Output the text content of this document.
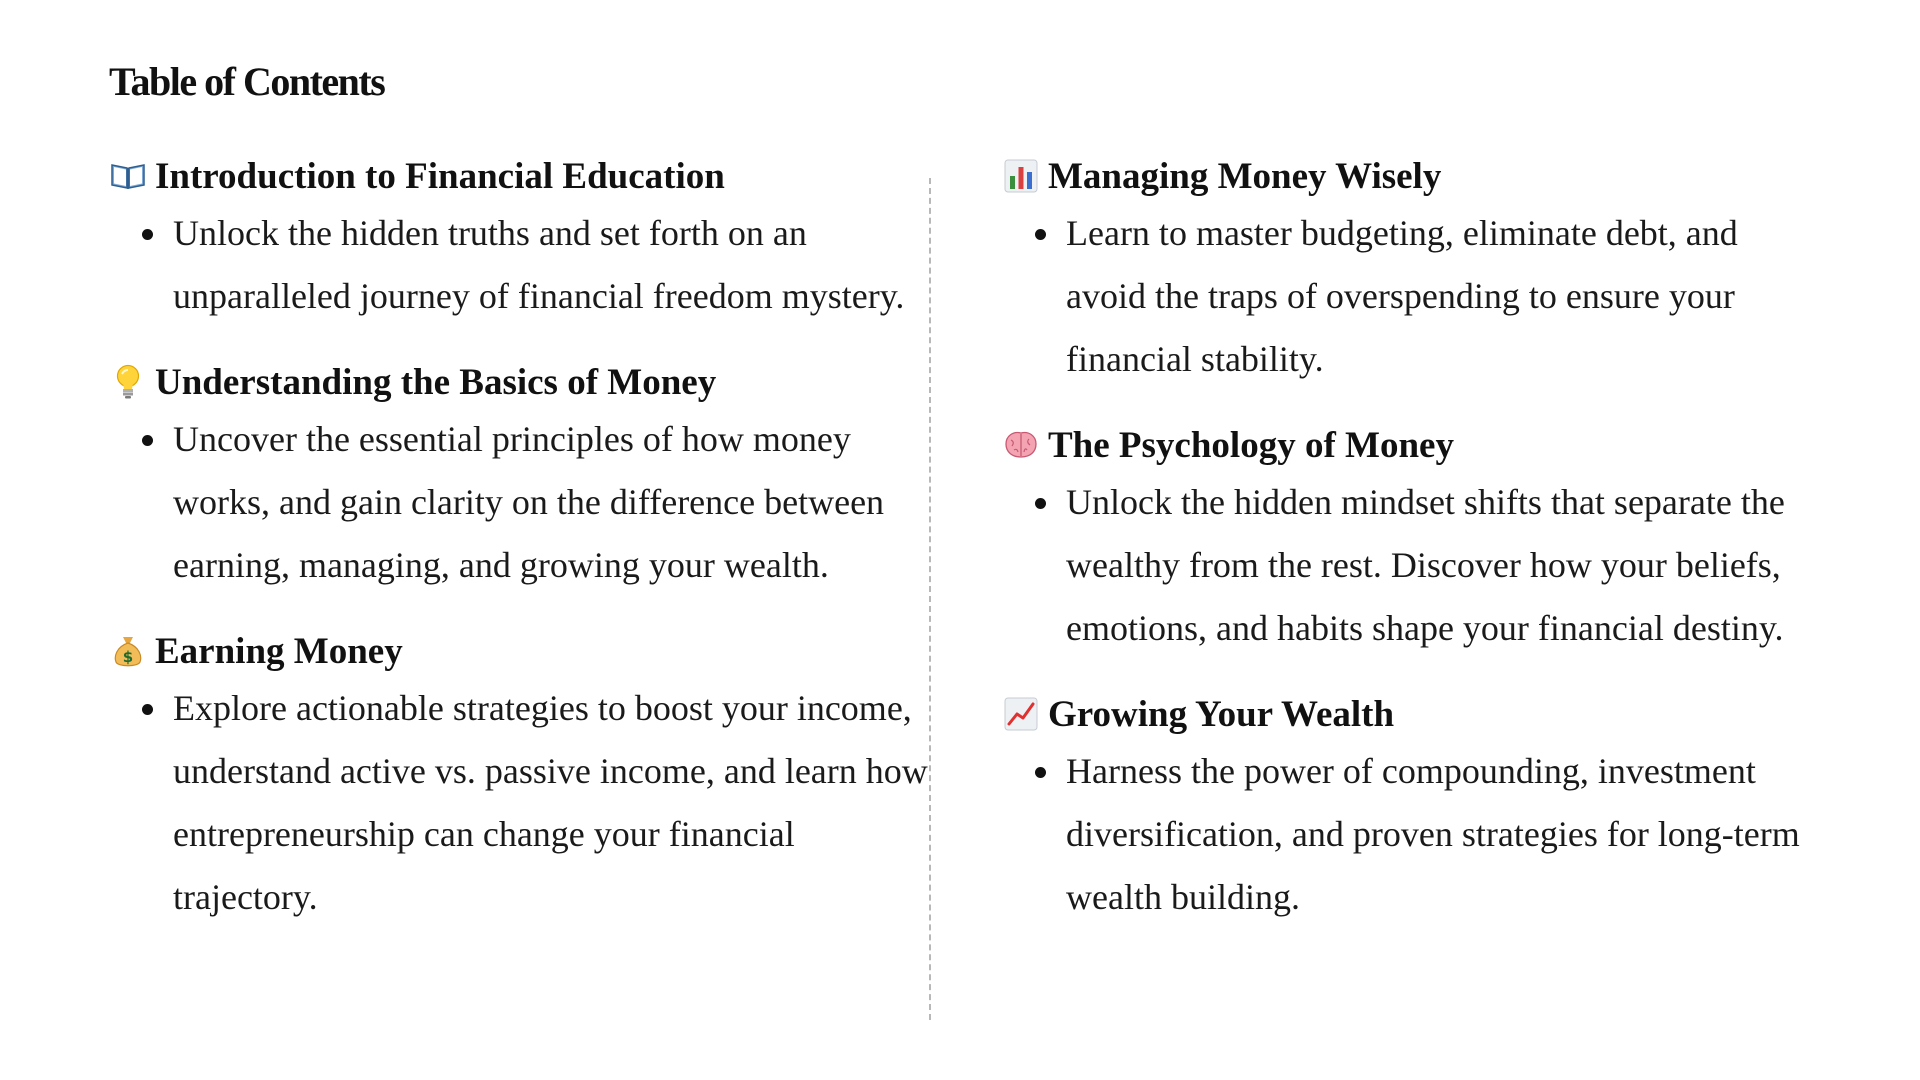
Table of Contents
Introduction to Financial Education
Unlock the hidden truths and set forth on an unparalleled journey of financial freedom mystery.
Understanding the Basics of Money
Uncover the essential principles of how money works, and gain clarity on the difference between earning, managing, and growing your wealth.
$ Earning Money
Explore actionable strategies to boost your income, understand active vs. passive income, and learn how entrepreneurship can change your financial trajectory.
Managing Money Wisely
Learn to master budgeting, eliminate debt, and avoid the traps of overspending to ensure your financial stability.
The Psychology of Money
Unlock the hidden mindset shifts that separate the wealthy from the rest. Discover how your beliefs, emotions, and habits shape your financial destiny.
Growing Your Wealth
Harness the power of compounding, investment diversification, and proven strategies for long-term wealth building.
